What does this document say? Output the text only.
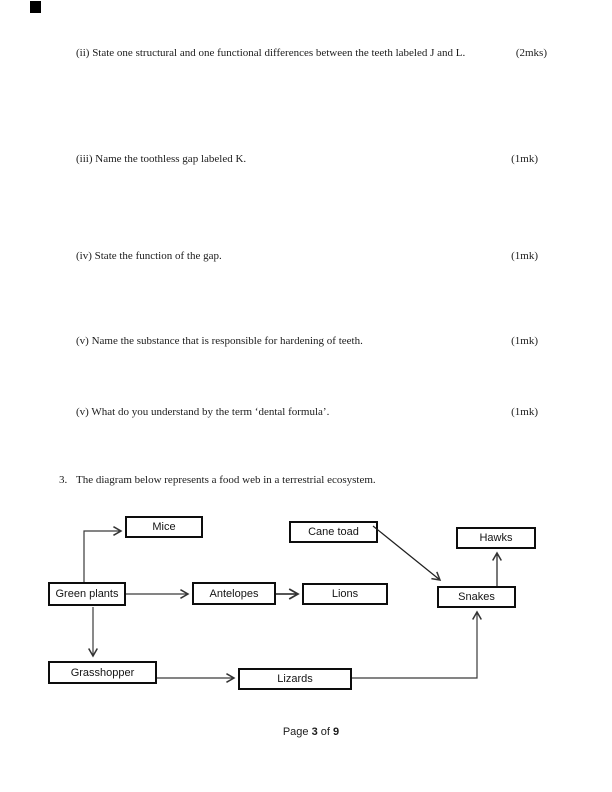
(ii) State one structural and one functional differences between the teeth labeled J and L.	(2mks)
(iii) Name the toothless gap labeled K.	(1mk)
(iv) State the function of the gap.	(1mk)
(v) Name the substance that is responsible for hardening of teeth.	(1mk)
(v) What do you understand by the term ‘dental formula’.	(1mk)
3. The diagram below represents a food web in a terrestrial ecosystem.
Mice	Cane toad	Hawks
Green plants	Antelopes	Lions	Snakes
Grasshopper
Lizards
Page 3 of 9
